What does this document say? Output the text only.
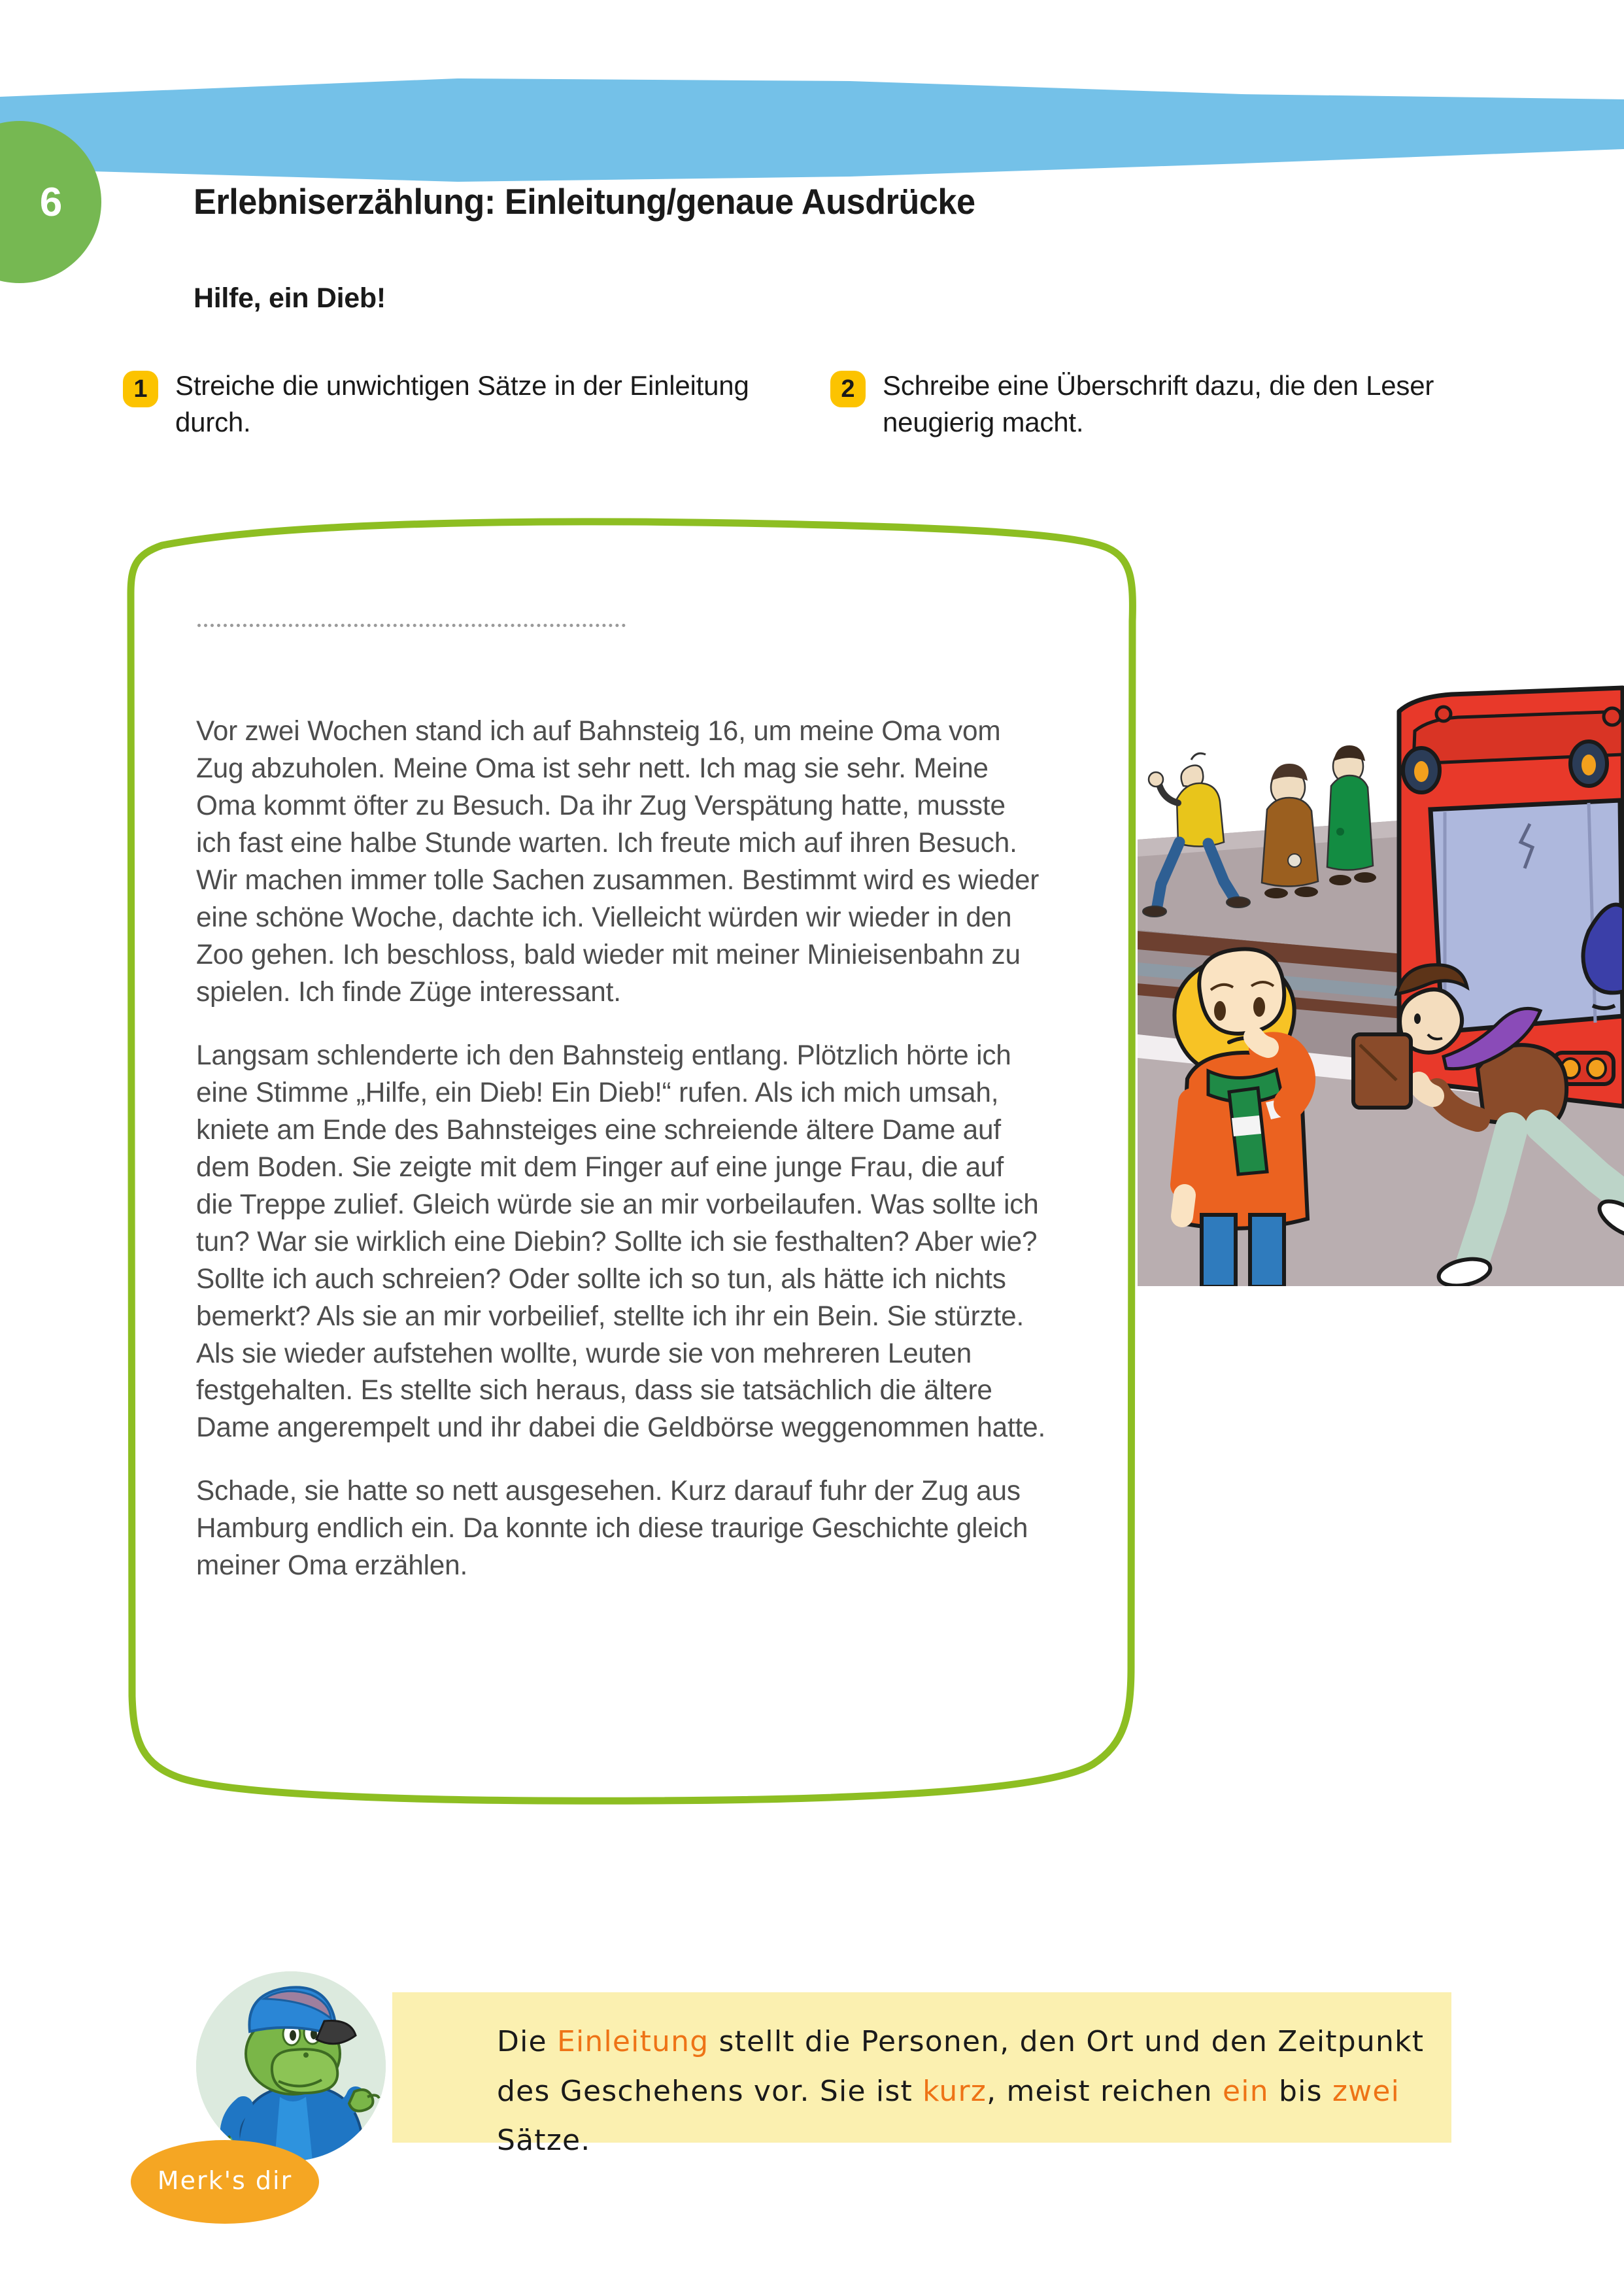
6	Erlebniserzählung: Einleitung/genaue Ausdrücke
Hilfe, ein Dieb!
1	Streiche die unwichtigen Sätze in der Einleitung durch.
2	Schreibe eine Überschrift dazu, die den Leser neugierig macht.

Vor zwei Wochen stand ich auf Bahnsteig 16, um meine Oma vom Zug abzuholen. Meine Oma ist sehr nett. Ich mag sie sehr. Meine Oma kommt öfter zu Besuch. Da ihr Zug Verspätung hatte, musste ich fast eine halbe Stunde warten. Ich freute mich auf ihren Besuch. Wir machen immer tolle Sachen zusammen. Bestimmt wird es wieder eine schöne Woche, dachte ich. Vielleicht würden wir wieder in den Zoo gehen. Ich beschloss, bald wieder mit meiner Minieisenbahn zu spielen. Ich finde Züge interessant.

Langsam schlenderte ich den Bahnsteig entlang. Plötzlich hörte ich eine Stimme „Hilfe, ein Dieb! Ein Dieb!“ rufen. Als ich mich umsah, kniete am Ende des Bahnsteiges eine schreiende ältere Dame auf dem Boden. Sie zeigte mit dem Finger auf eine junge Frau, die auf die Treppe zulief. Gleich würde sie an mir vorbeilaufen. Was sollte ich tun? War sie wirklich eine Diebin? Sollte ich sie festhalten? Aber wie? Sollte ich auch schreien? Oder sollte ich so tun, als hätte ich nichts bemerkt? Als sie an mir vorbeilief, stellte ich ihr ein Bein. Sie stürzte. Als sie wieder aufstehen wollte, wurde sie von mehreren Leuten festgehalten. Es stellte sich heraus, dass sie tatsächlich die ältere Dame angerempelt und ihr dabei die Geldbörse weggenommen hatte.

Schade, sie hatte so nett ausgesehen. Kurz darauf fuhr der Zug aus Hamburg endlich ein. Da konnte ich diese traurige Geschichte gleich meiner Oma erzählen.

Merk's dir
Die Einleitung stellt die Personen, den Ort und den Zeitpunkt des Geschehens vor. Sie ist kurz, meist reichen ein bis zwei Sätze.
